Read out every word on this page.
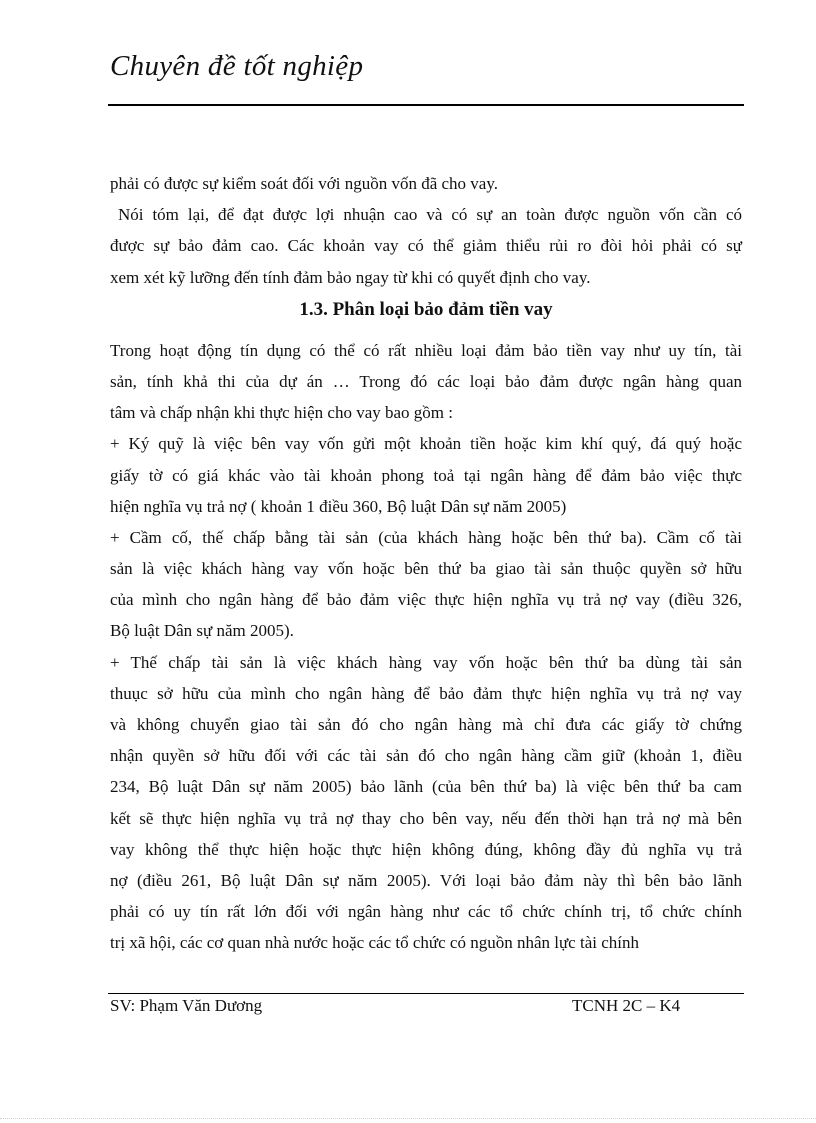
Chuyên đề tốt nghiệp
phải có được sự kiểm soát đối với nguồn vốn đã cho vay.
Nói tóm lại, để đạt được lợi nhuận cao và có sự an toàn được nguồn vốn cần có
được sự bảo đảm cao. Các khoản vay có thể giảm thiểu rủi ro đòi hỏi phải có sự
xem xét kỹ lưỡng đến tính đảm bảo ngay từ khi có quyết định cho vay.
1.3. Phân loại bảo đảm tiền vay
Trong hoạt động tín dụng có thể có rất nhiều loại đảm bảo tiền vay như uy tín, tài
sản, tính khả thi của dự án … Trong đó các loại bảo đảm được ngân hàng quan
tâm và chấp nhận khi thực hiện cho vay bao gồm :
+ Ký quỹ là việc bên vay vốn gửi một khoản tiền hoặc kim khí quý, đá quý hoặc
giấy tờ có giá khác vào tài khoản phong toả tại ngân hàng để đảm bảo việc thực
hiện nghĩa vụ trả nợ ( khoản 1 điều 360, Bộ luật Dân sự năm 2005)
+ Cầm cố, thế chấp bằng tài sản (của khách hàng hoặc bên thứ ba). Cầm cố tài
sản là việc khách hàng vay vốn hoặc bên thứ ba giao tài sản thuộc quyền sở hữu
của mình cho ngân hàng để bảo đảm việc thực hiện nghĩa vụ trả nợ vay (điều 326,
Bộ luật Dân sự năm 2005).
+ Thế chấp tài sản là việc khách hàng vay vốn hoặc bên thứ ba dùng tài sản
thuục sở hữu của mình cho ngân hàng để bảo đảm thực hiện nghĩa vụ trả nợ vay
và không chuyển giao tài sản đó cho ngân hàng mà chỉ đưa các giấy tờ chứng
nhận quyền sở hữu đối với các tài sản đó cho ngân hàng cầm giữ (khoản 1, điều
234, Bộ luật Dân sự năm 2005) bảo lãnh (của bên thứ ba) là việc bên thứ ba cam
kết sẽ thực hiện nghĩa vụ trả nợ thay cho bên vay, nếu đến thời hạn trả nợ mà bên
vay không thể thực hiện hoặc thực hiện không đúng, không đầy đủ nghĩa vụ trả
nợ (điều 261, Bộ luật Dân sự năm 2005). Với loại bảo đảm này thì bên bảo lãnh
phải có uy tín rất lớn đối với ngân hàng như các tổ chức chính trị, tổ chức chính
trị xã hội, các cơ quan nhà nước hoặc các tổ chức có nguồn nhân lực tài chính
SV: Phạm Văn Dương	TCNH 2C – K4
